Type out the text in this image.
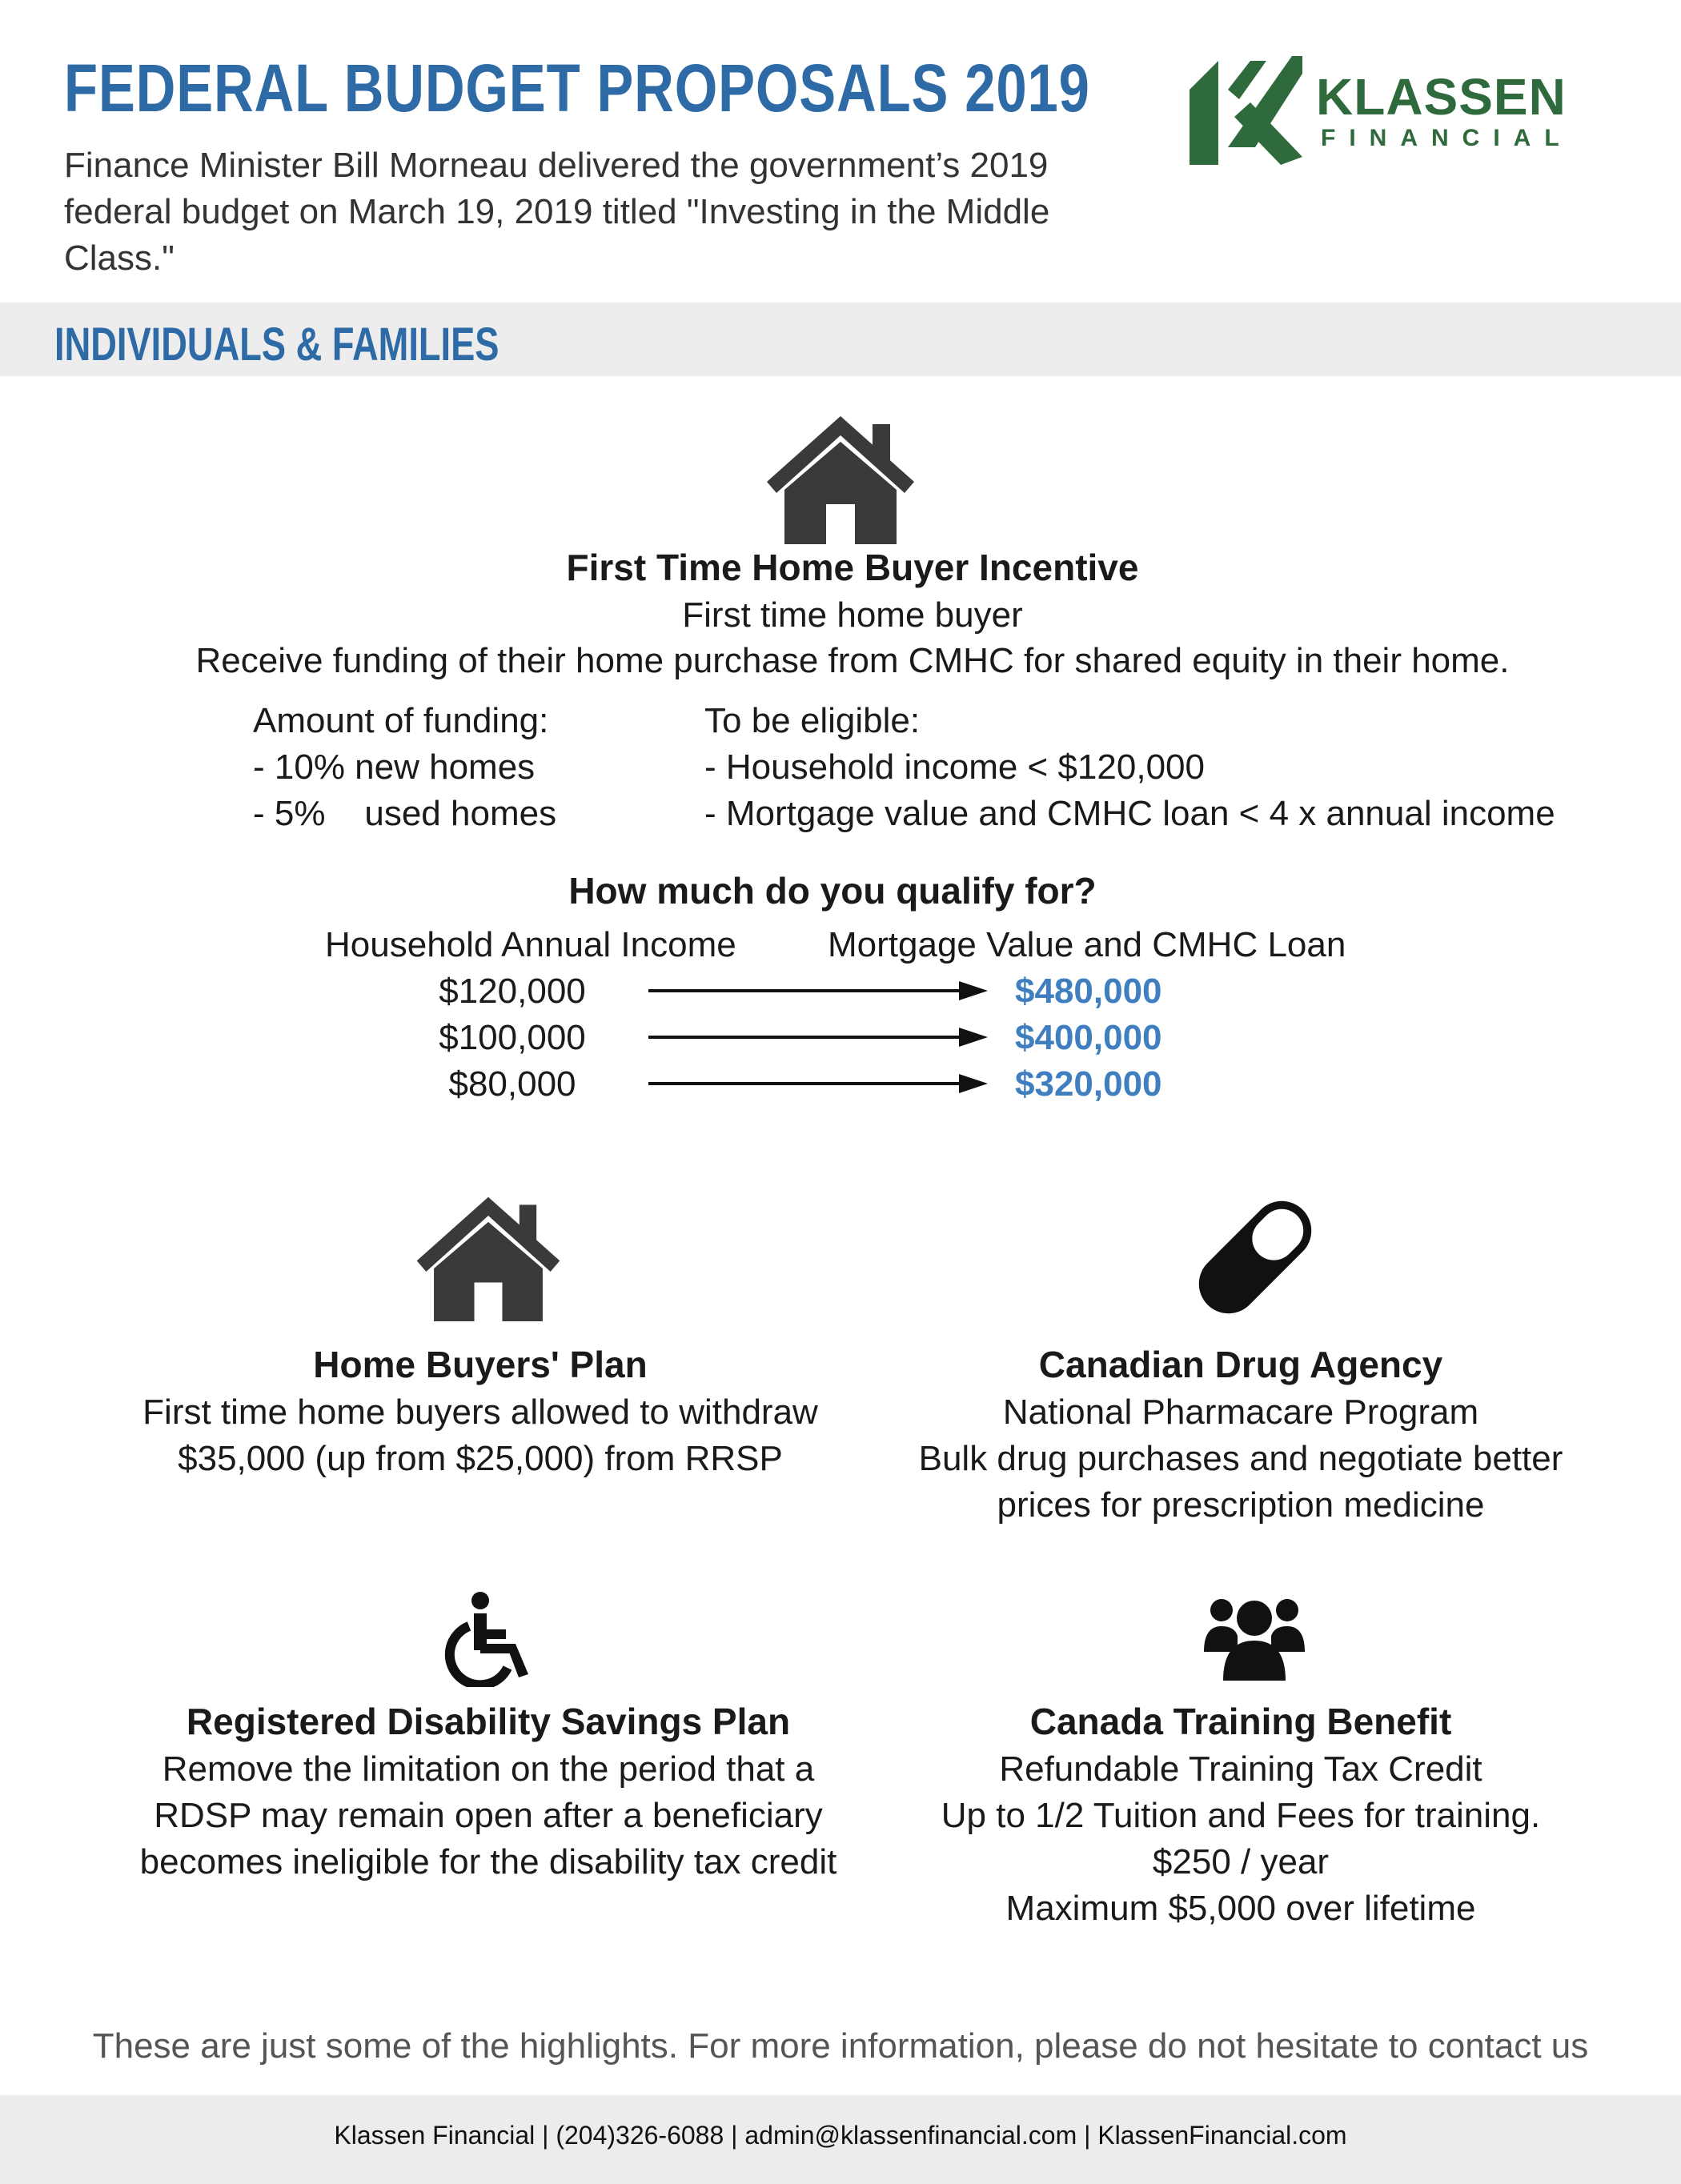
FEDERAL BUDGET PROPOSALS 2019
Finance Minister Bill Morneau delivered the government’s 2019 federal budget on March 19, 2019 titled "Investing in the Middle Class."
KLASSEN
FINANCIAL
INDIVIDUALS & FAMILIES
First Time Home Buyer Incentive
First time home buyer
Receive funding of their home purchase from CMHC for shared equity in their home.
Amount of funding:
- 10% new homes
- 5%    used homes
To be eligible:
- Household income < $120,000
- Mortgage value and CMHC loan < 4 x annual income
How much do you qualify for?
Household Annual Income	Mortgage Value and CMHC Loan
$120,000
$100,000
$80,000
$480,000
$400,000
$320,000
Home Buyers' Plan
First time home buyers allowed to withdraw
$35,000 (up from $25,000) from RRSP
Canadian Drug Agency
National Pharmacare Program
Bulk drug purchases and negotiate better
prices for prescription medicine
Registered Disability Savings Plan
Remove the limitation on the period that a
RDSP may remain open after a beneficiary
becomes ineligible for the disability tax credit
Canada Training Benefit
Refundable Training Tax Credit
Up to 1/2 Tuition and Fees for training.
$250 / year
Maximum $5,000 over lifetime
These are just some of the highlights. For more information, please do not hesitate to contact us
Klassen Financial | (204)326-6088 | admin@klassenfinancial.com | KlassenFinancial.com
